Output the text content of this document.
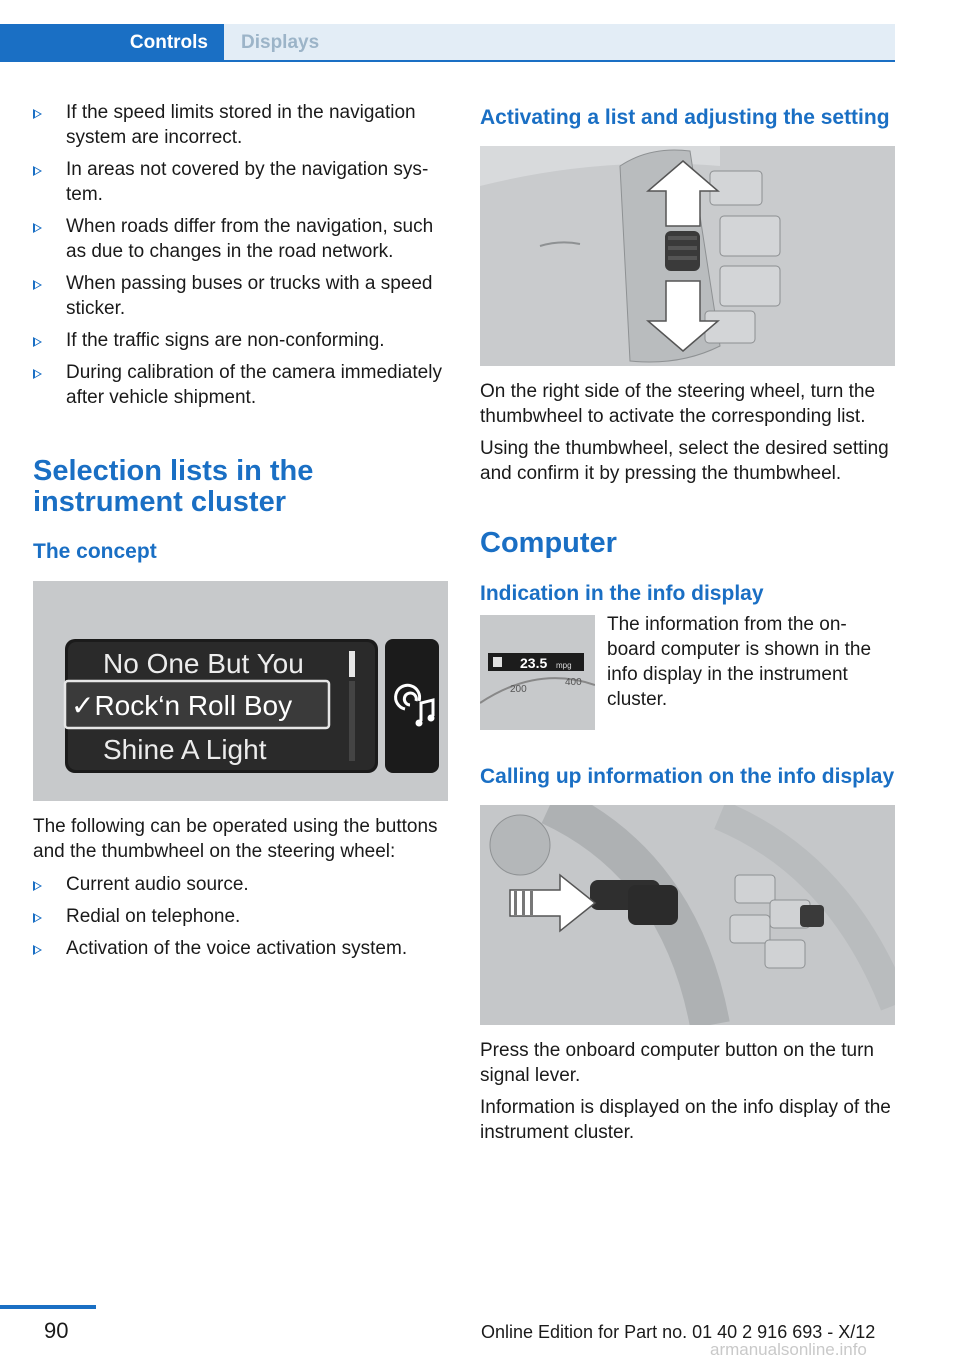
Controls	Displays
If the speed limits stored in the navigation system are incorrect.
In areas not covered by the navigation system.
When roads differ from the navigation, such as due to changes in the road network.
When passing buses or trucks with a speed sticker.
If the traffic signs are non-conforming.
During calibration of the camera immediately after vehicle shipment.
Selection lists in the instrument cluster
The concept
No One But You
✓Rock‘n Roll Boy
Shine A Light

The following can be operated using the buttons and the thumbwheel on the steering wheel:

Current audio source.
Redial on telephone.
Activation of the voice activation system.
Activating a list and adjusting the setting

On the right side of the steering wheel, turn the thumbwheel to activate the corresponding list.

Using the thumbwheel, select the desired setting and confirm it by pressing the thumbwheel.

Computer
Indication in the info display
23.5 mpg
200
400

The information from the on-board computer is shown in the info display in the instrument cluster.

Calling up information on the info display

Press the onboard computer button on the turn signal lever.

Information is displayed on the info display of the instrument cluster.

90	Online Edition for Part no. 01 40 2 916 693 - X/12
armanualsonline.info
